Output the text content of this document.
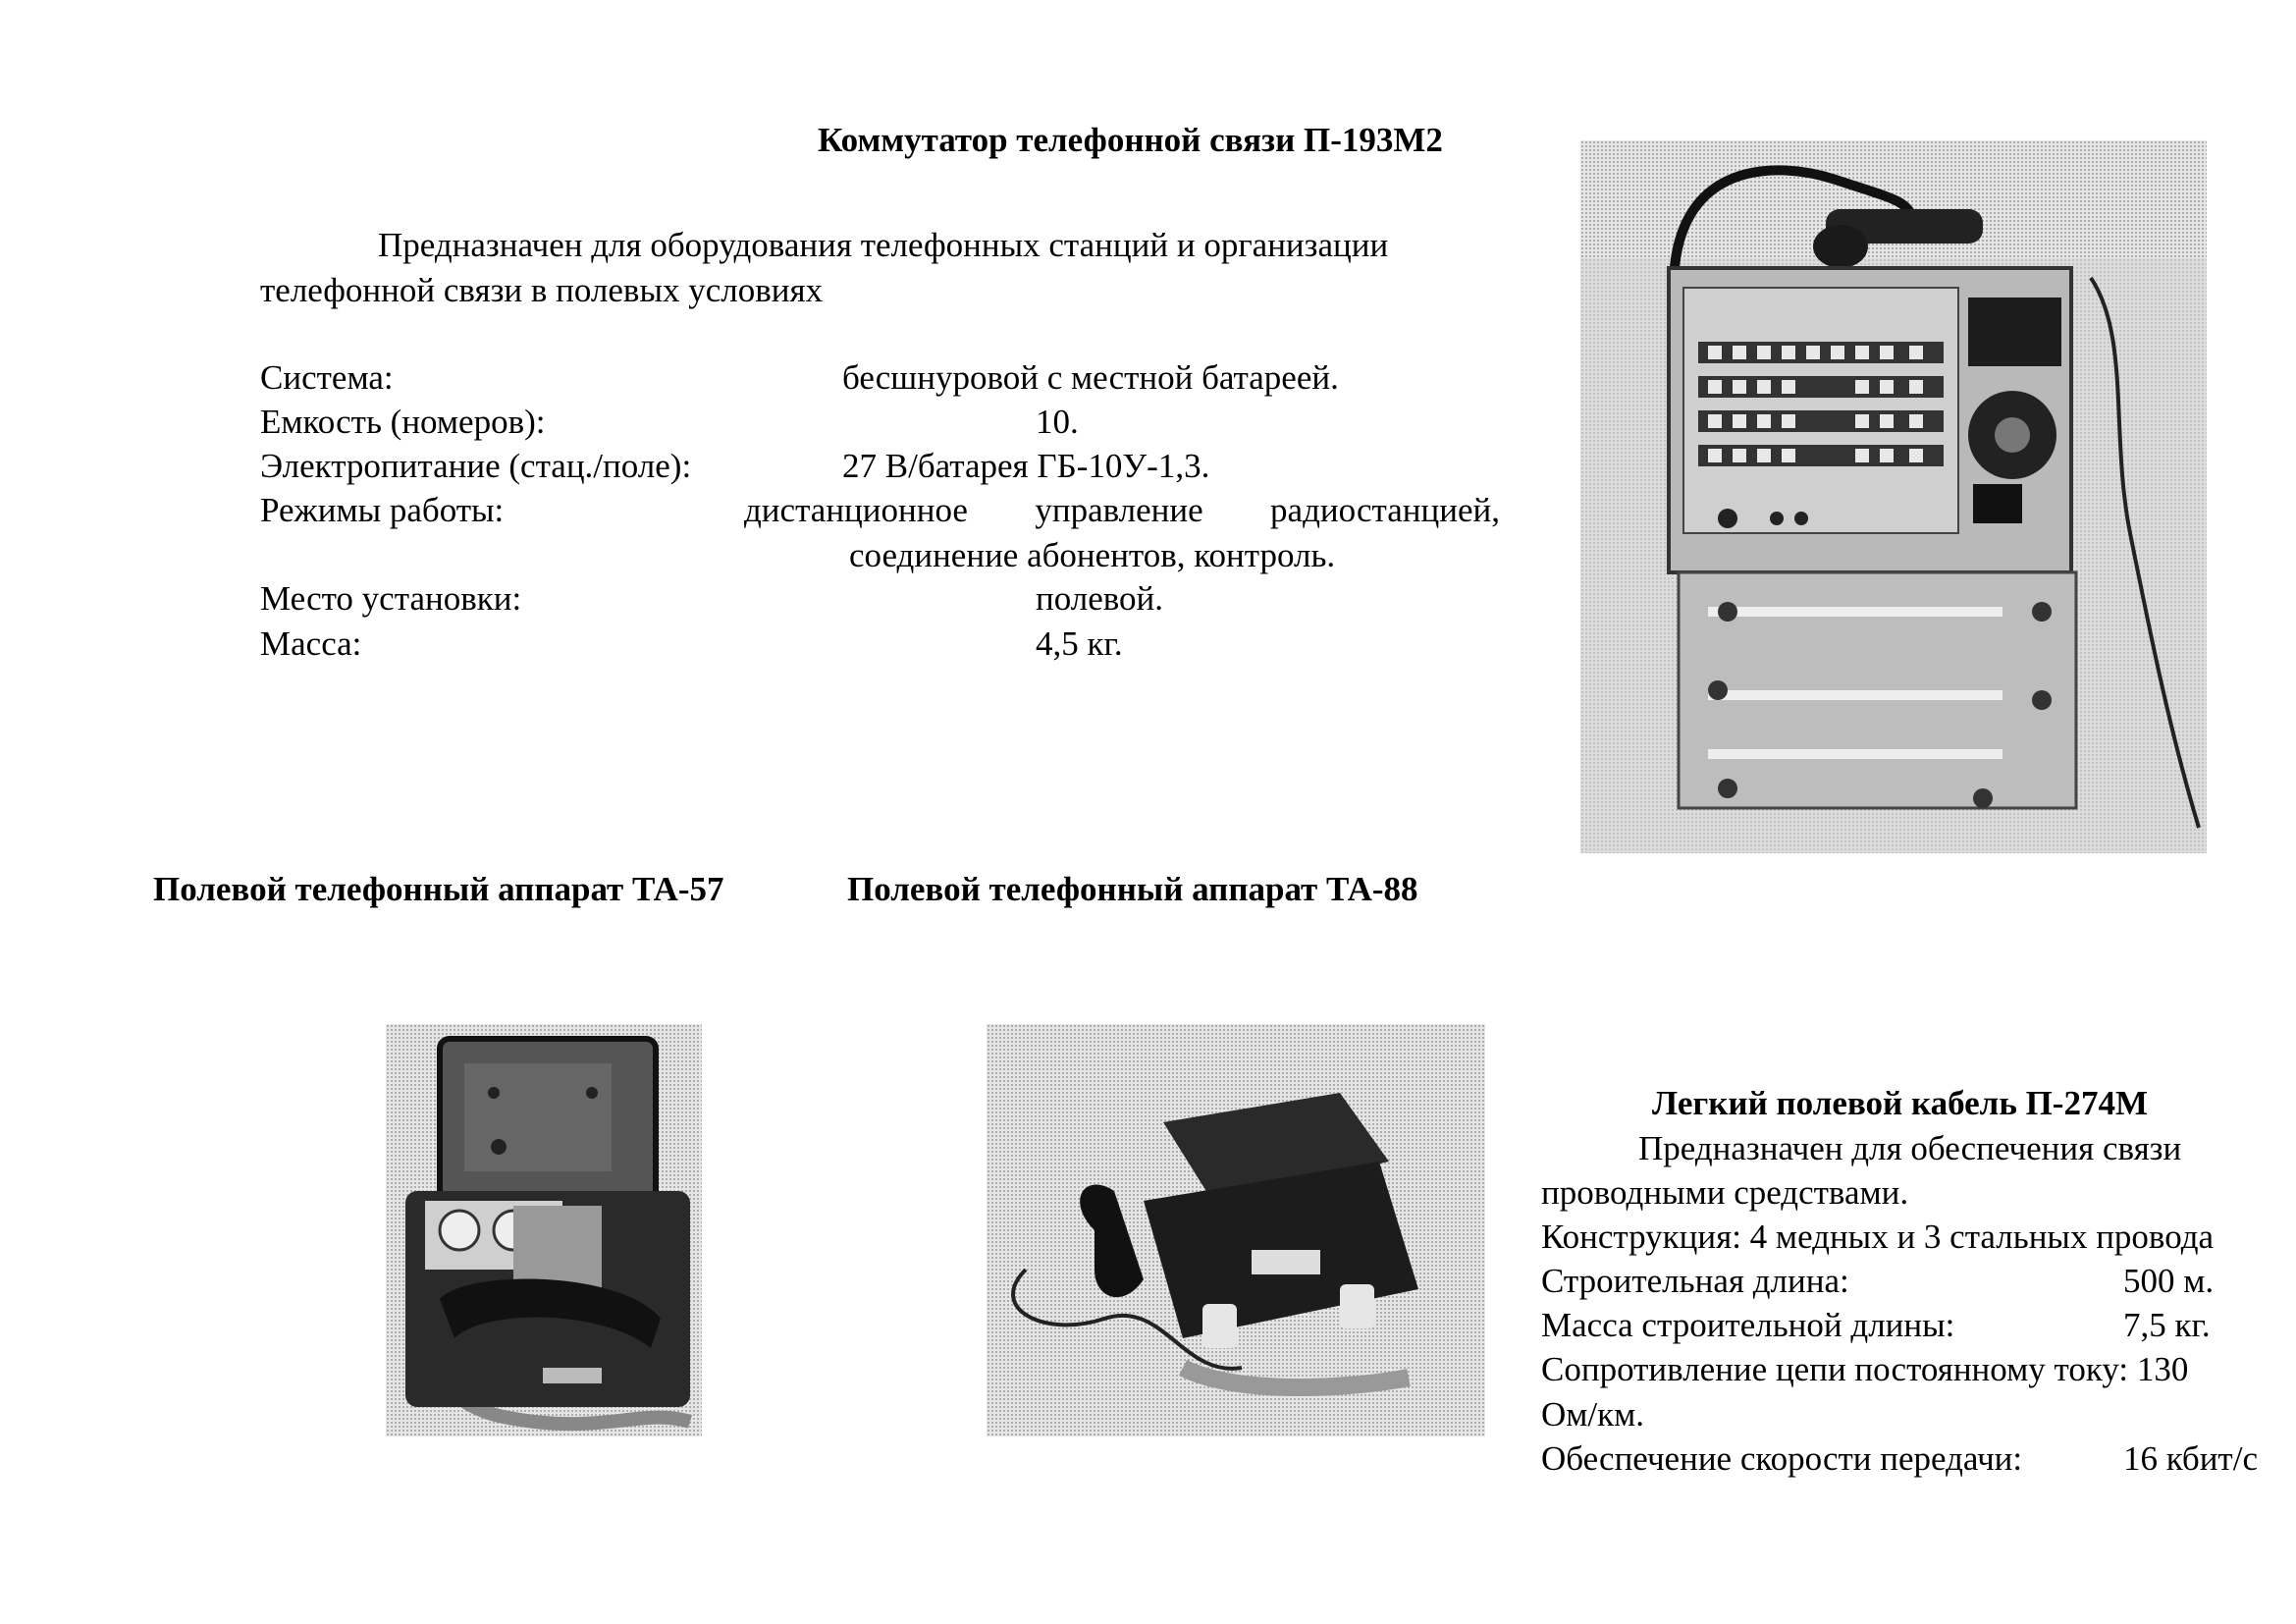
Коммутатор телефонной связи П-193М2
Предназначен для оборудования телефонных станций и организации
телефонной связи в полевых условиях
Система:	бесшнуровой с местной батареей.
Емкость (номеров):	10.
Электропитание (стац./поле):	27 В/батарея ГБ-10У-1,3.
Режимы работы:	дистанционное управление радиостанцией,
соединение абонентов, контроль.
Место установки:	полевой.
Масса:	4,5 кг.
Полевой телефонный аппарат ТА-57	Полевой телефонный аппарат ТА-88
Легкий полевой кабель П-274М
Предназначен для обеспечения связи
проводными средствами.
Конструкция: 4 медных и 3 стальных провода
Строительная длина:	500 м.
Масса строительной длины:	7,5 кг.
Сопротивление цепи постоянному току: 130
Ом/км.
Обеспечение скорости передачи:	16 кбит/с
